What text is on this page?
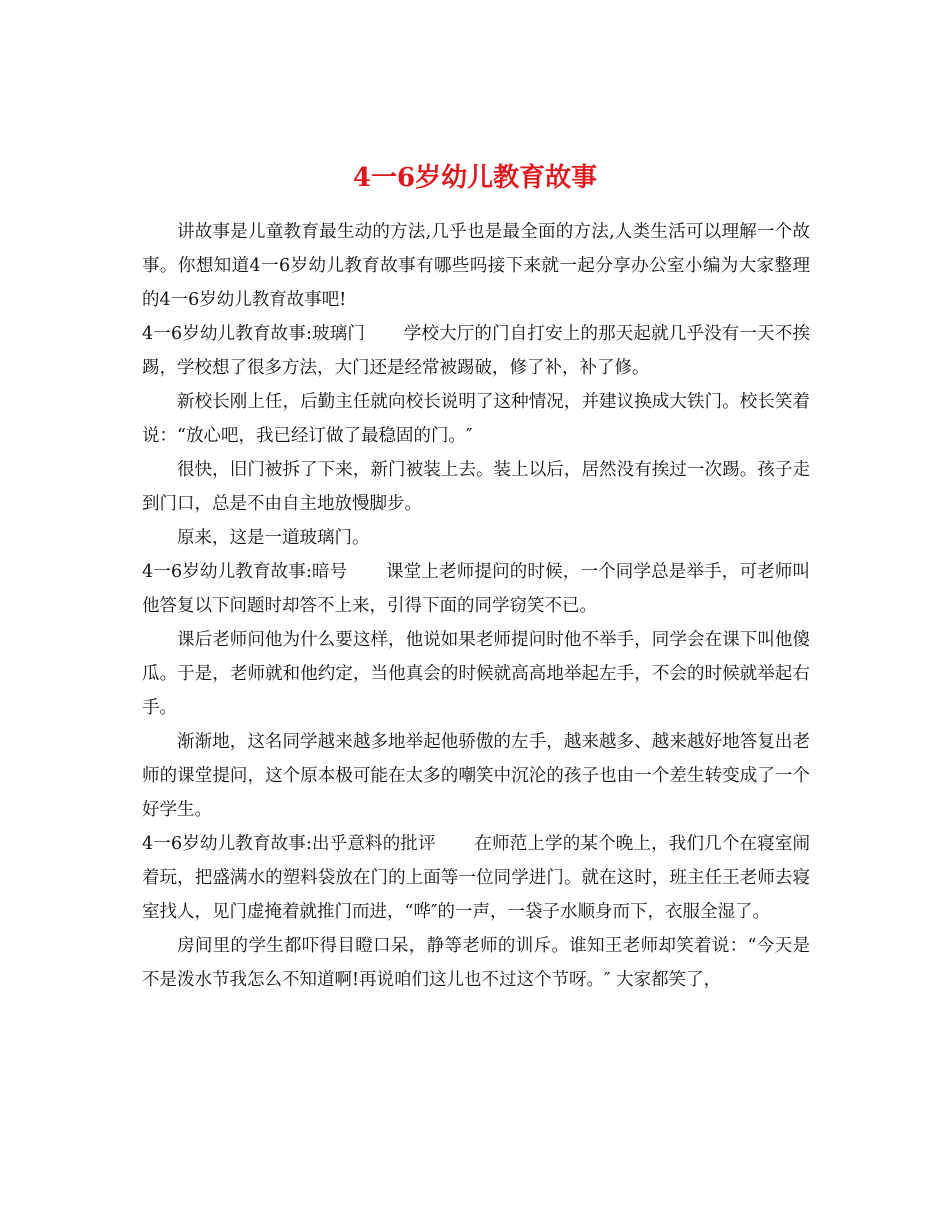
4一6岁幼儿教育故事

讲故事是儿童教育最生动的方法,几乎也是最全面的方法,人类生活可以理解一个故事。你想知道4一6岁幼儿教育故事有哪些吗接下来就一起分享办公室小编为大家整理的4一6岁幼儿教育故事吧!

4一6岁幼儿教育故事:玻璃门 学校大厅的门自打安上的那天起就几乎没有一天不挨踢，学校想了很多方法，大门还是经常被踢破，修了补，补了修。

新校长刚上任，后勤主任就向校长说明了这种情况，并建议换成大铁门。校长笑着说：“放心吧，我已经订做了最稳固的门。″

很快，旧门被拆了下来，新门被装上去。装上以后，居然没有挨过一次踢。孩子走到门口，总是不由自主地放慢脚步。

原来，这是一道玻璃门。

4一6岁幼儿教育故事:暗号 课堂上老师提问的时候，一个同学总是举手，可老师叫他答复以下问题时却答不上来，引得下面的同学窃笑不已。

课后老师问他为什么要这样，他说如果老师提问时他不举手，同学会在课下叫他傻瓜。于是，老师就和他约定，当他真会的时候就高高地举起左手，不会的时候就举起右手。

渐渐地，这名同学越来越多地举起他骄傲的左手，越来越多、越来越好地答复出老师的课堂提问，这个原本极可能在太多的嘲笑中沉沦的孩子也由一个差生转变成了一个好学生。

4一6岁幼儿教育故事:出乎意料的批评 在师范上学的某个晚上，我们几个在寝室闹着玩，把盛满水的塑料袋放在门的上面等一位同学进门。就在这时，班主任王老师去寝室找人，见门虚掩着就推门而进，“哗″的一声，一袋子水顺身而下，衣服全湿了。

房间里的学生都吓得目瞪口呆，静等老师的训斥。谁知王老师却笑着说：“今天是不是泼水节我怎么不知道啊!再说咱们这儿也不过这个节呀。″ 大家都笑了，
